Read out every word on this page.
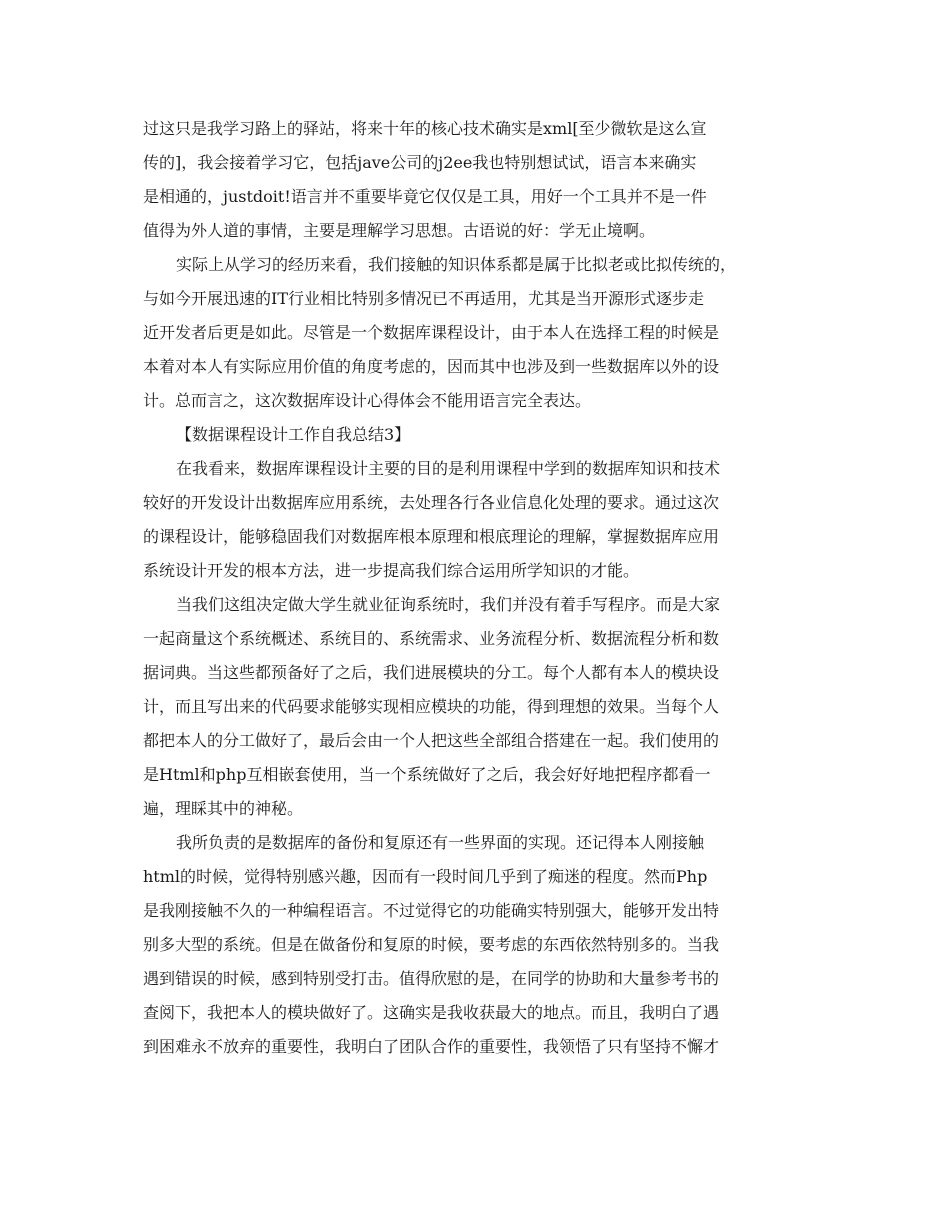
过这只是我学习路上的驿站，将来十年的核心技术确实是xml[至少微软是这么宣
传的]，我会接着学习它，包括jave公司的j2ee我也特别想试试，语言本来确实
是相通的，justdoit!语言并不重要毕竟它仅仅是工具，用好一个工具并不是一件
值得为外人道的事情，主要是理解学习思想。古语说的好：学无止境啊。
实际上从学习的经历来看，我们接触的知识体系都是属于比拟老或比拟传统的，
与如今开展迅速的IT行业相比特别多情况已不再适用，尤其是当开源形式逐步走
近开发者后更是如此。尽管是一个数据库课程设计，由于本人在选择工程的时候是
本着对本人有实际应用价值的角度考虑的，因而其中也涉及到一些数据库以外的设
计。总而言之，这次数据库设计心得体会不能用语言完全表达。
【数据课程设计工作自我总结3】
在我看来，数据库课程设计主要的目的是利用课程中学到的数据库知识和技术
较好的开发设计出数据库应用系统，去处理各行各业信息化处理的要求。通过这次
的课程设计，能够稳固我们对数据库根本原理和根底理论的理解，掌握数据库应用
系统设计开发的根本方法，进一步提高我们综合运用所学知识的才能。
当我们这组决定做大学生就业征询系统时，我们并没有着手写程序。而是大家
一起商量这个系统概述、系统目的、系统需求、业务流程分析、数据流程分析和数
据词典。当这些都预备好了之后，我们进展模块的分工。每个人都有本人的模块设
计，而且写出来的代码要求能够实现相应模块的功能，得到理想的效果。当每个人
都把本人的分工做好了，最后会由一个人把这些全部组合搭建在一起。我们使用的
是Html和php互相嵌套使用，当一个系统做好了之后，我会好好地把程序都看一
遍，理睬其中的神秘。
我所负责的是数据库的备份和复原还有一些界面的实现。还记得本人刚接触
html的时候，觉得特别感兴趣，因而有一段时间几乎到了痴迷的程度。然而Php
是我刚接触不久的一种编程语言。不过觉得它的功能确实特别强大，能够开发出特
别多大型的系统。但是在做备份和复原的时候，要考虑的东西依然特别多的。当我
遇到错误的时候，感到特别受打击。值得欣慰的是，在同学的协助和大量参考书的
查阅下，我把本人的模块做好了。这确实是我收获最大的地点。而且，我明白了遇
到困难永不放弃的重要性，我明白了团队合作的重要性，我领悟了只有坚持不懈才
